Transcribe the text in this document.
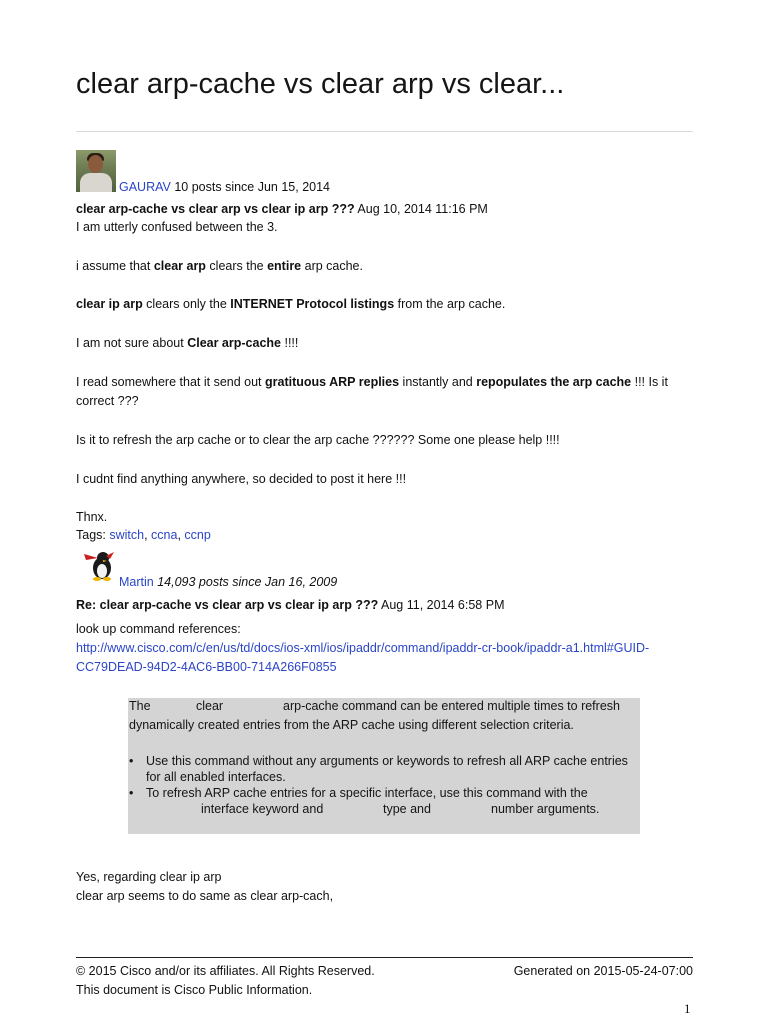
clear arp-cache vs clear arp vs clear...
GAURAV 10 posts since Jun 15, 2014
clear arp-cache vs clear arp vs clear ip arp ??? Aug 10, 2014 11:16 PM
I am utterly confused between the 3.
i assume that clear arp clears the entire arp cache.
clear ip arp clears only the INTERNET Protocol listings from the arp cache.
I am not sure about Clear arp-cache !!!!
I read somewhere that it send out gratituous ARP replies instantly and repopulates the arp cache !!! Is it
correct ???
Is it to refresh the arp cache or to clear the arp cache ?????? Some one please help !!!!
I cudnt find anything anywhere, so decided to post it here !!!
Thnx.
Tags: switch, ccna, ccnp
Martin 14,093 posts since Jan 16, 2009
Re: clear arp-cache vs clear arp vs clear ip arp ??? Aug 11, 2014 6:58 PM
look up command references:
http://www.cisco.com/c/en/us/td/docs/ios-xml/ios/ipaddr/command/ipaddr-cr-book/ipaddr-a1.html#GUID-
CC79DEAD-94D2-4AC6-BB00-714A266F0855
The	clear	arp-cache command can be entered multiple times to refresh
dynamically created entries from the ARP cache using different selection criteria.
• Use this command without any arguments or keywords to refresh all ARP cache entries
for all enabled interfaces.
• To refresh ARP cache entries for a specific interface, use this command with the
interface keyword and	type and	number arguments.
Yes, regarding clear ip arp
clear arp seems to do same as clear arp-cach,
© 2015 Cisco and/or its affiliates. All Rights Reserved.
This document is Cisco Public Information.
Generated on 2015-05-24-07:00
1
